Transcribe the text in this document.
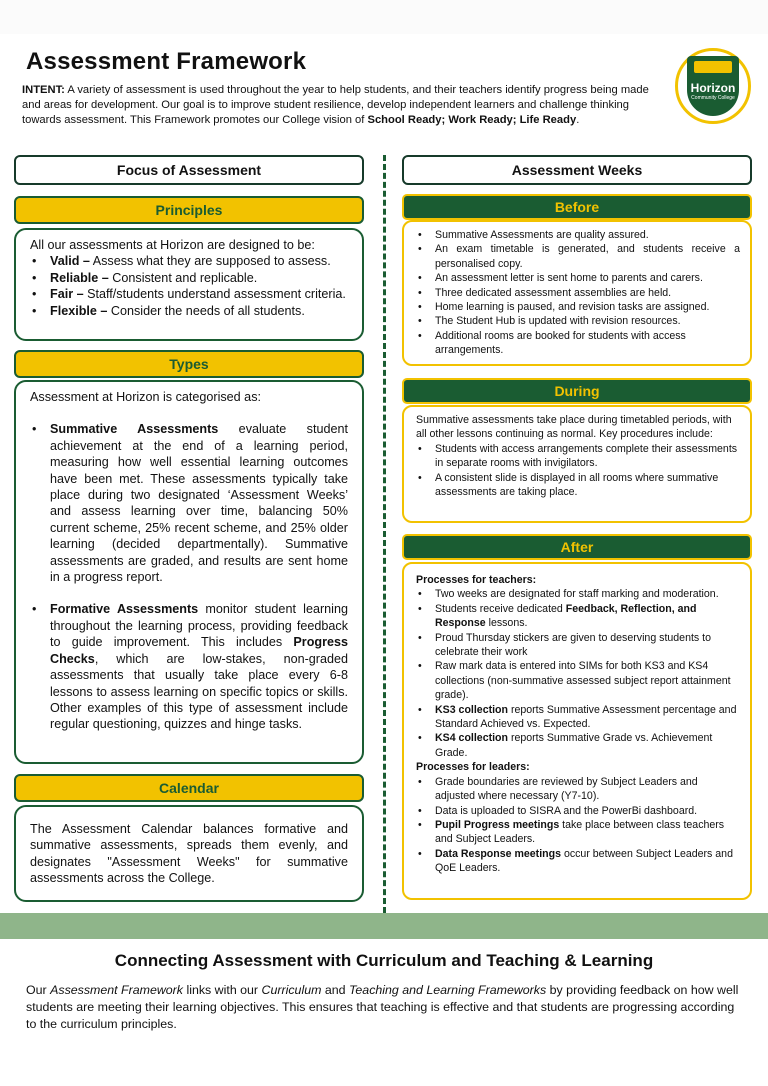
Assessment Framework
INTENT: A variety of assessment is used throughout the year to help students, and their teachers identify progress being made and areas for development. Our goal is to improve student resilience, develop independent learners and challenge thinking towards assessment. This Framework promotes our College vision of School Ready; Work Ready; Life Ready.
Horizon
Community College
Focus of Assessment
Principles
All our assessments at Horizon are designed to be:
• Valid – Assess what they are supposed to assess.
• Reliable – Consistent and replicable.
• Fair – Staff/students understand assessment criteria.
• Flexible – Consider the needs of all students.
Types
Assessment at Horizon is categorised as:
• Summative Assessments evaluate student achievement at the end of a learning period, measuring how well essential learning outcomes have been met. These assessments typically take place during two designated ‘Assessment Weeks’ and assess learning over time, balancing 50% current scheme, 25% recent scheme, and 25% older learning (decided departmentally). Summative assessments are graded, and results are sent home in a progress report.
• Formative Assessments monitor student learning throughout the learning process, providing feedback to guide improvement. This includes Progress Checks, which are low-stakes, non-graded assessments that usually take place every 6-8 lessons to assess learning on specific topics or skills. Other examples of this type of assessment include regular questioning, quizzes and hinge tasks.
Calendar
The Assessment Calendar balances formative and summative assessments, spreads them evenly, and designates "Assessment Weeks" for summative assessments across the College.
Assessment Weeks
Before
• Summative Assessments are quality assured.
• An exam timetable is generated, and students receive a personalised copy.
• An assessment letter is sent home to parents and carers.
• Three dedicated assessment assemblies are held.
• Home learning is paused, and revision tasks are assigned.
• The Student Hub is updated with revision resources.
• Additional rooms are booked for students with access arrangements.
During
Summative assessments take place during timetabled periods, with all other lessons continuing as normal. Key procedures include:
• Students with access arrangements complete their assessments in separate rooms with invigilators.
• A consistent slide is displayed in all rooms where summative assessments are taking place.
After
Processes for teachers:
• Two weeks are designated for staff marking and moderation.
• Students receive dedicated Feedback, Reflection, and Response lessons.
• Proud Thursday stickers are given to deserving students to celebrate their work
• Raw mark data is entered into SIMs for both KS3 and KS4 collections (non-summative assessed subject report attainment grade).
• KS3 collection reports Summative Assessment percentage and Standard Achieved vs. Expected.
• KS4 collection reports Summative Grade vs. Achievement Grade.
Processes for leaders:
• Grade boundaries are reviewed by Subject Leaders and adjusted where necessary (Y7-10).
• Data is uploaded to SISRA and the PowerBi dashboard.
• Pupil Progress meetings take place between class teachers and Subject Leaders.
• Data Response meetings occur between Subject Leaders and QoE Leaders.
Connecting Assessment with Curriculum and Teaching & Learning
Our Assessment Framework links with our Curriculum and Teaching and Learning Frameworks by providing feedback on how well students are meeting their learning objectives. This ensures that teaching is effective and that students are progressing according to the curriculum principles.
